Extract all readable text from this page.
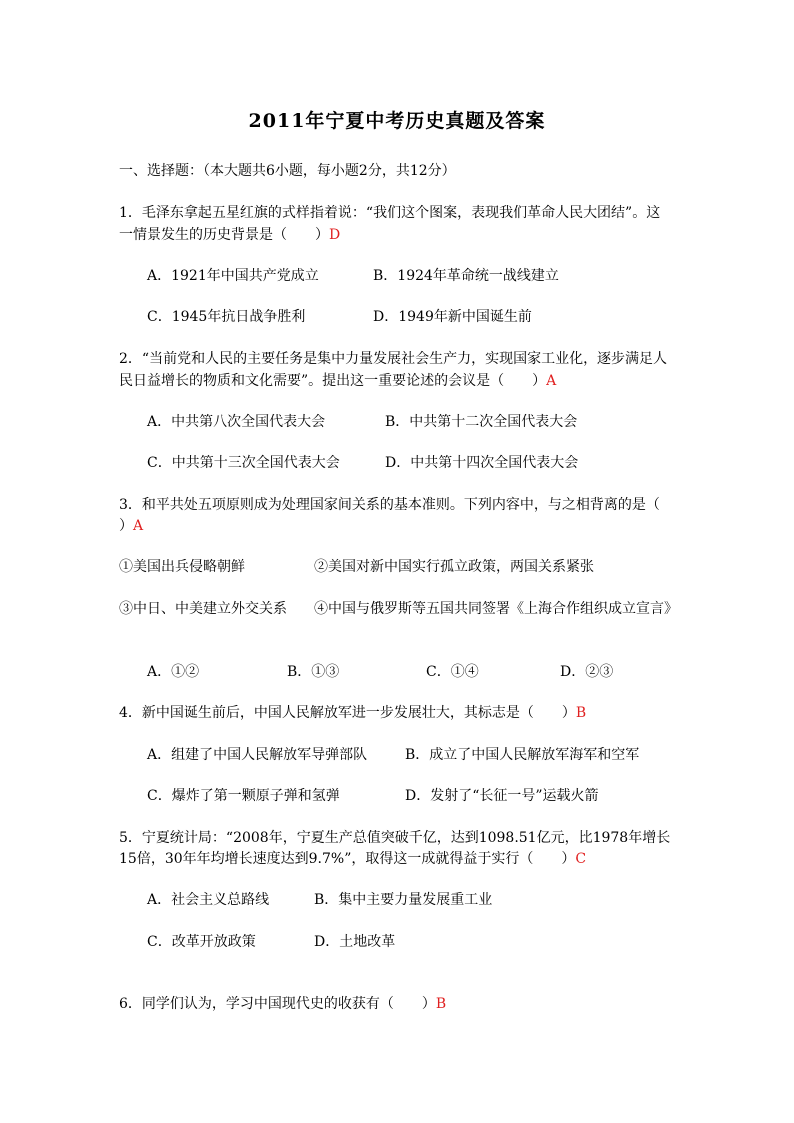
2011年宁夏中考历史真题及答案
一、选择题：（本大题共6小题，每小题2分，共12分）
1．毛泽东拿起五星红旗的式样指着说：“我们这个图案，表现我们革命人民大团结”。这
一情景发生的历史背景是（　　）D
A．1921年中国共产党成立	B．1924年革命统一战线建立
C．1945年抗日战争胜利	D．1949年新中国诞生前
2．“当前党和人民的主要任务是集中力量发展社会生产力，实现国家工业化，逐步满足人
民日益增长的物质和文化需要”。提出这一重要论述的会议是（　　）A
A．中共第八次全国代表大会	B．中共第十二次全国代表大会
C．中共第十三次全国代表大会	D．中共第十四次全国代表大会
3．和平共处五项原则成为处理国家间关系的基本准则。下列内容中，与之相背离的是（
）A
①美国出兵侵略朝鲜	②美国对新中国实行孤立政策，两国关系紧张
③中日、中美建立外交关系 ④中国与俄罗斯等五国共同签署《上海合作组织成立宣言》
A．①②	B．①③	C．①④	D．②③
4．新中国诞生前后，中国人民解放军进一步发展壮大，其标志是（　　）B
A．组建了中国人民解放军导弹部队	B．成立了中国人民解放军海军和空军
C．爆炸了第一颗原子弹和氢弹	D．发射了“长征一号”运载火箭
5．宁夏统计局：“2008年，宁夏生产总值突破千亿，达到1098.51亿元，比1978年增长
15倍，30年年均增长速度达到9.7%”，取得这一成就得益于实行（　　）C
A．社会主义总路线	B．集中主要力量发展重工业
C．改革开放政策	D．土地改革
6．同学们认为，学习中国现代史的收获有（　　）B
